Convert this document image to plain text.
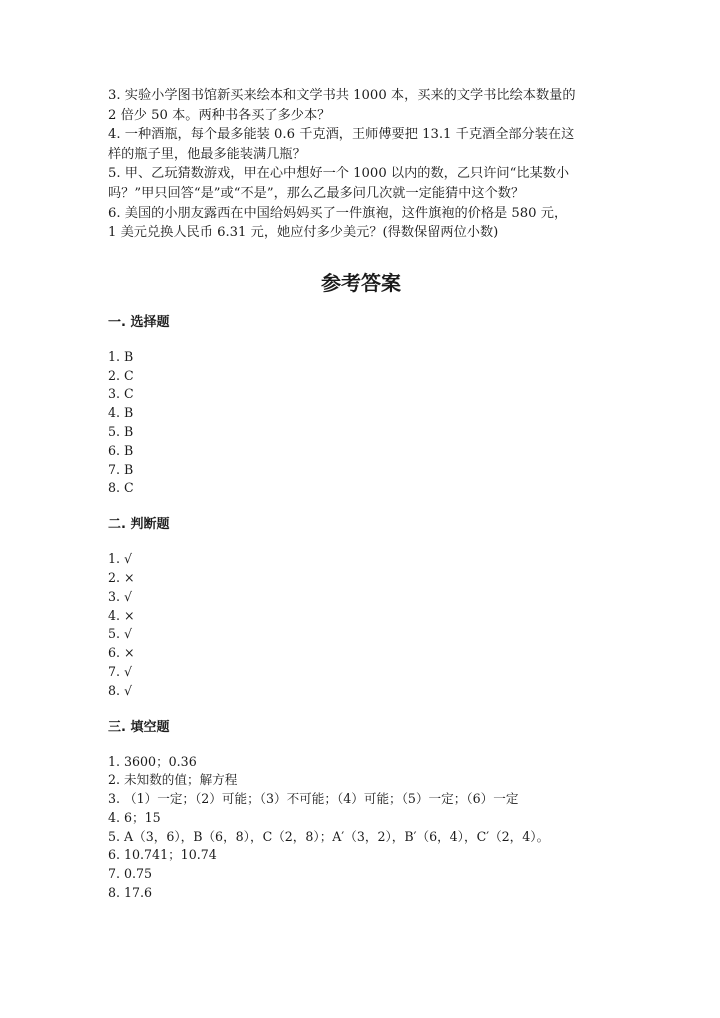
3. 实验小学图书馆新买来绘本和文学书共 1000 本，买来的文学书比绘本数量的
2 倍少 50 本。两种书各买了多少本？
4. 一种酒瓶，每个最多能装 0.6 千克酒，王师傅要把 13.1 千克酒全部分装在这
样的瓶子里，他最多能装满几瓶？
5. 甲、乙玩猜数游戏，甲在心中想好一个 1000 以内的数，乙只许问“比某数小
吗？”甲只回答“是”或“不是”，那么乙最多问几次就一定能猜中这个数？
6. 美国的小朋友露西在中国给妈妈买了一件旗袍，这件旗袍的价格是 580 元，
1 美元兑换人民币 6.31 元，她应付多少美元？(得数保留两位小数)
参考答案
一. 选择题
1. B
2. C
3. C
4. B
5. B
6. B
7. B
8. C
二. 判断题
1. √
2. ×
3. √
4. ×
5. √
6. ×
7. √
8. √
三. 填空题
1. 3600；0.36
2. 未知数的值；解方程
3. （1）一定；（2）可能；（3）不可能；（4）可能；（5）一定；（6）一定
4. 6；15
5. A（3，6），B（6，8），C（2，8）；A′（3，2），B′（6，4），C′（2，4）。
6. 10.741；10.74
7. 0.75
8. 17.6
